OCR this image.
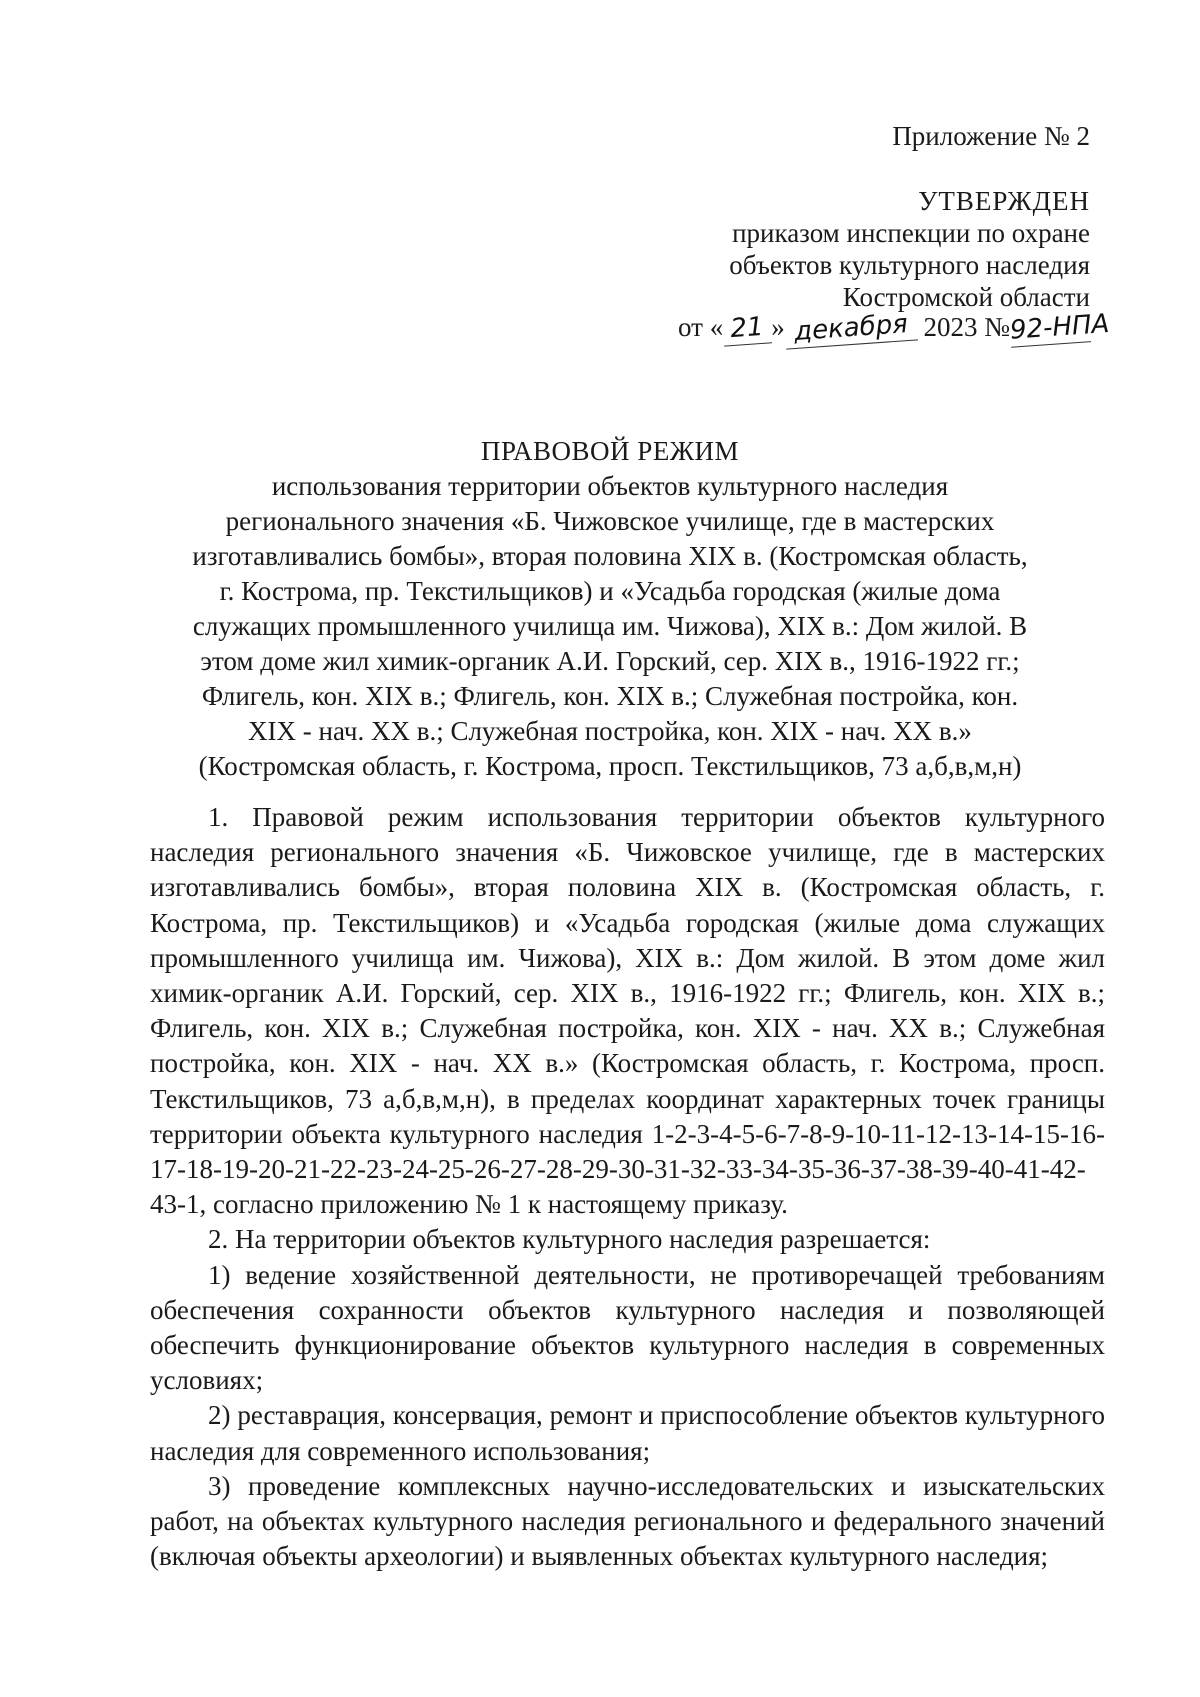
Приложение № 2
УТВЕРЖДЕН
приказом инспекции по охране
объектов культурного наследия
Костромской области
от « 21 » декабря 2023 №92-НПА
ПРАВОВОЙ РЕЖИМ
использования территории объектов культурного наследия
регионального значения «Б. Чижовское училище, где в мастерских
изготавливались бомбы», вторая половина XIX в. (Костромская область,
г. Кострома, пр. Текстильщиков) и «Усадьба городская (жилые дома
служащих промышленного училища им. Чижова), XIX в.: Дом жилой. В
этом доме жил химик-органик А.И. Горский, сер. XIX в., 1916-1922 гг.;
Флигель, кон. XIX в.; Флигель, кон. XIX в.; Служебная постройка, кон.
XIX - нач. XX в.; Служебная постройка, кон. XIX - нач. XX в.»
(Костромская область, г. Кострома, просп. Текстильщиков, 73 а,б,в,м,н)

1. Правовой режим использования территории объектов культурного наследия регионального значения «Б. Чижовское училище, где в мастерских изготавливались бомбы», вторая половина XIX в. (Костромская область, г. Кострома, пр. Текстильщиков) и «Усадьба городская (жилые дома служащих промышленного училища им. Чижова), XIX в.: Дом жилой. В этом доме жил химик-органик А.И. Горский, сер. XIX в., 1916-1922 гг.; Флигель, кон. XIX в.; Флигель, кон. XIX в.; Служебная постройка, кон. XIX - нач. XX в.; Служебная постройка, кон. XIX - нач. XX в.» (Костромская область, г. Кострома, просп. Текстильщиков, 73 а,б,в,м,н), в пределах координат характерных точек границы территории объекта культурного наследия 1-2-3-4-5-6-7-8-9-10-11-12-13-14-15-16-17-18-19-20-21-22-23-24-25-26-27-28-29-30-31-32-33-34-35-36-37-38-39-40-41-42-43-1, согласно приложению № 1 к настоящему приказу.

2. На территории объектов культурного наследия разрешается:

1) ведение хозяйственной деятельности, не противоречащей требованиям обеспечения сохранности объектов культурного наследия и позволяющей обеспечить функционирование объектов культурного наследия в современных условиях;

2) реставрация, консервация, ремонт и приспособление объектов культурного наследия для современного использования;

3) проведение комплексных научно-исследовательских и изыскательских работ, на объектах культурного наследия регионального и федерального значений (включая объекты археологии) и выявленных объектах культурного наследия;
